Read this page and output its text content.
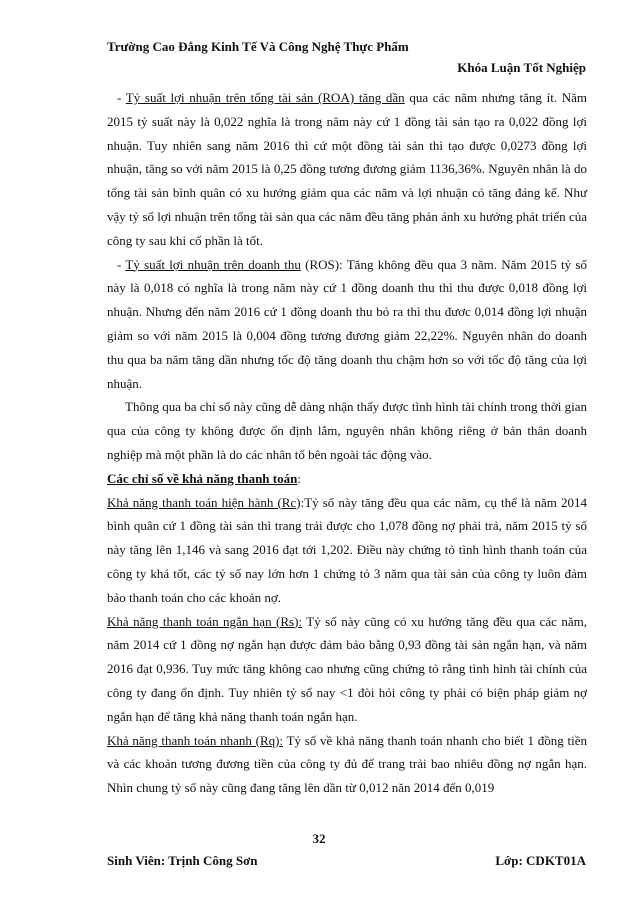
Trường Cao Đẳng Kinh Tế Và Công Nghệ Thực Phẩm
Khóa Luận Tốt Nghiệp

- Tỷ suất lợi nhuận trên tổng tài sản (ROA) tăng dần qua các năm nhưng tăng ít. Năm 2015 tỷ suất này là 0,022 nghĩa là trong năm này cứ 1 đồng tài sản tạo ra 0,022 đồng lợi nhuận. Tuy nhiên sang năm 2016 thì cứ một đồng tài sản thì tạo được 0,0273 đồng lợi nhuận, tăng so với năm 2015 là 0,25 đồng tương đương giảm 1136,36%. Nguyên nhân là do tổng tài sản bình quân có xu hướng giảm qua các năm và lợi nhuận có tăng đáng kể. Như vậy tỷ số lợi nhuận trên tổng tài sản qua các năm đều tăng phản ánh xu hướng phát triển của công ty sau khi cổ phần là tốt.

- Tỷ suất lợi nhuận trên doanh thu (ROS): Tăng không đều qua 3 năm. Năm 2015 tỷ số này là 0,018 có nghĩa là trong năm này cứ 1 đồng doanh thu thì thu được 0,018 đồng lợi nhuận. Nhưng đến năm 2016 cứ 1 đồng doanh thu bỏ ra thì thu đươc 0,014 đồng lợi nhuận giảm so với năm 2015 là 0,004 đồng tương đương giảm 22,22%. Nguyên nhân do doanh thu qua ba năm tăng dần nhưng tốc độ tăng doanh thu chậm hơn so với tốc độ tăng của lợi nhuận.

Thông qua ba chỉ số này cũng dễ dàng nhận thấy được tình hình tài chính trong thời gian qua của công ty không được ổn định lắm, nguyên nhân không riêng ở bản thân doanh nghiệp mà một phần là do các nhân tố bên ngoài tác động vào.

Các chỉ số về khả năng thanh toán:

Khả năng thanh toán hiện hành (Rc):Tỷ số này tăng đều qua các năm, cụ thể là năm 2014 bình quân cứ 1 đồng tài sản thì trang trải được cho 1,078 đồng nợ phải trả, năm 2015 tỷ số này tăng lên 1,146 và sang 2016 đạt tới 1,202. Điều này chứng tỏ tình hình thanh toán của công ty khá tốt, các tỷ số nay lớn hơn 1 chứng tỏ 3 năm qua tài sản của công ty luôn đảm bảo thanh toán cho các khoản nợ.

Khả năng thanh toán ngắn hạn (Rs): Tỷ số này cũng có xu hướng tăng đều qua các năm, năm 2014 cứ 1 đồng nợ ngắn hạn được đảm bảo bằng 0,93 đồng tài sản ngắn hạn, và năm 2016 đạt 0,936. Tuy mức tăng không cao nhưng cũng chứng tỏ rằng tình hình tài chính của công ty đang ổn định. Tuy nhiên tỷ số nay <1 đòi hỏi công ty phải có biện pháp giảm nợ ngắn hạn để tăng khả năng thanh toán ngắn hạn.

Khả năng thanh toán nhanh (Rq): Tỷ số về khả năng thanh toán nhanh cho biết 1 đồng tiền và các khoản tương đương tiền của công ty đủ để trang trải bao nhiêu đồng nợ ngắn hạn. Nhìn chung tỷ số này cũng đang tăng lên dần từ 0,012 năn 2014 đến 0,019

32
Sinh Viên: Trịnh Công Sơn	Lớp: CDKT01A
